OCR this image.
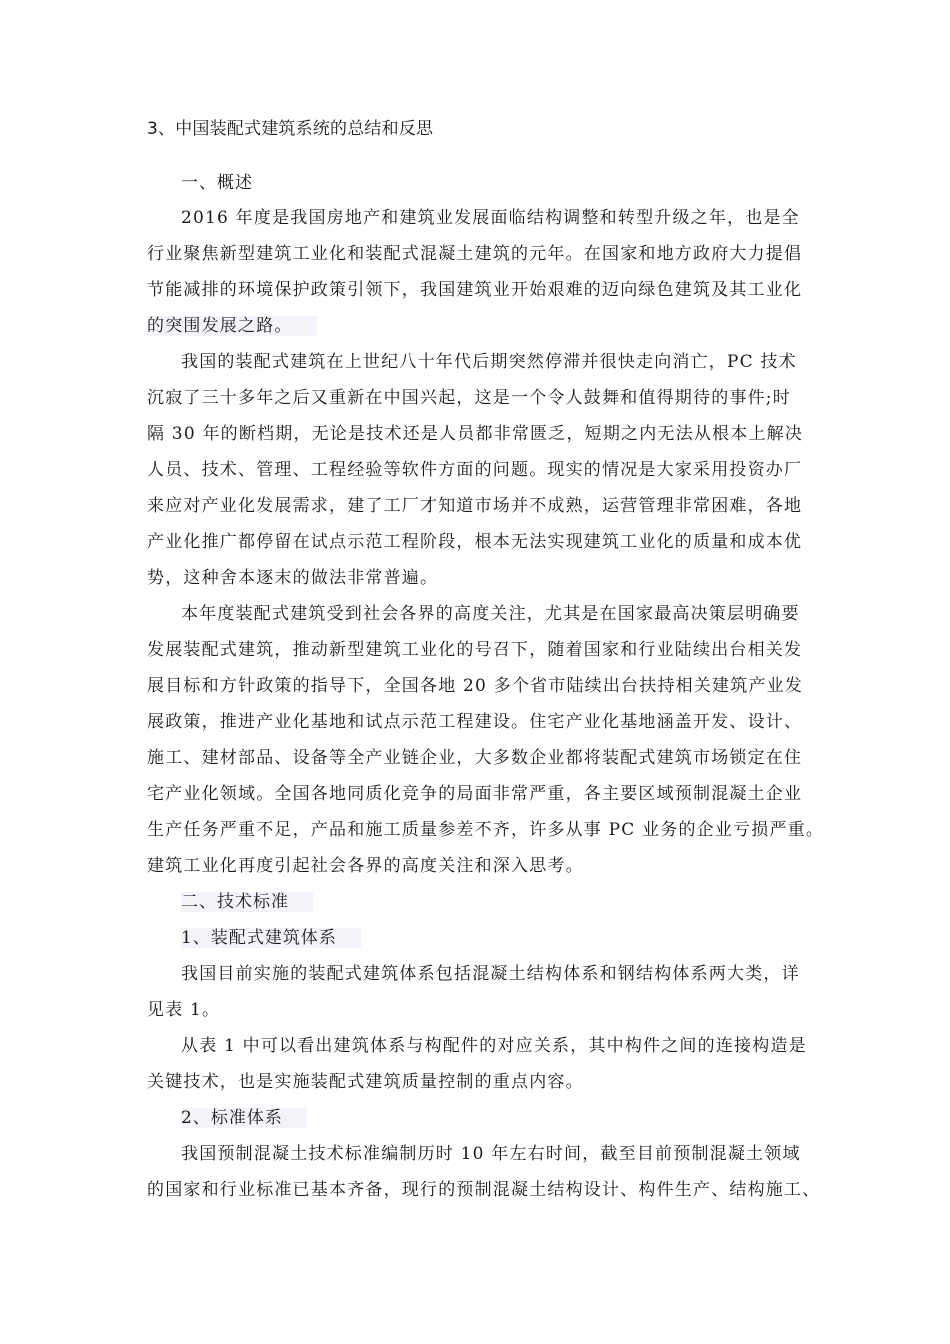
3、中国装配式建筑系统的总结和反思
一、概述
2016 年度是我国房地产和建筑业发展面临结构调整和转型升级之年，也是全
行业聚焦新型建筑工业化和装配式混凝土建筑的元年。在国家和地方政府大力提倡
节能减排的环境保护政策引领下，我国建筑业开始艰难的迈向绿色建筑及其工业化
的突围发展之路。
我国的装配式建筑在上世纪八十年代后期突然停滞并很快走向消亡，PC 技术
沉寂了三十多年之后又重新在中国兴起，这是一个令人鼓舞和值得期待的事件;时
隔 30 年的断档期，无论是技术还是人员都非常匮乏，短期之内无法从根本上解决
人员、技术、管理、工程经验等软件方面的问题。现实的情况是大家采用投资办厂
来应对产业化发展需求，建了工厂才知道市场并不成熟，运营管理非常困难，各地
产业化推广都停留在试点示范工程阶段，根本无法实现建筑工业化的质量和成本优
势，这种舍本逐末的做法非常普遍。
本年度装配式建筑受到社会各界的高度关注，尤其是在国家最高决策层明确要
发展装配式建筑，推动新型建筑工业化的号召下，随着国家和行业陆续出台相关发
展目标和方针政策的指导下，全国各地 20 多个省市陆续出台扶持相关建筑产业发
展政策，推进产业化基地和试点示范工程建设。住宅产业化基地涵盖开发、设计、
施工、建材部品、设备等全产业链企业，大多数企业都将装配式建筑市场锁定在住
宅产业化领域。全国各地同质化竞争的局面非常严重，各主要区域预制混凝土企业
生产任务严重不足，产品和施工质量参差不齐，许多从事 PC 业务的企业亏损严重。
建筑工业化再度引起社会各界的高度关注和深入思考。
二、技术标准
1、装配式建筑体系
我国目前实施的装配式建筑体系包括混凝土结构体系和钢结构体系两大类，详
见表 1。
从表 1 中可以看出建筑体系与构配件的对应关系，其中构件之间的连接构造是
关键技术，也是实施装配式建筑质量控制的重点内容。
2、标准体系
我国预制混凝土技术标准编制历时 10 年左右时间，截至目前预制混凝土领域
的国家和行业标准已基本齐备，现行的预制混凝土结构设计、构件生产、结构施工、
